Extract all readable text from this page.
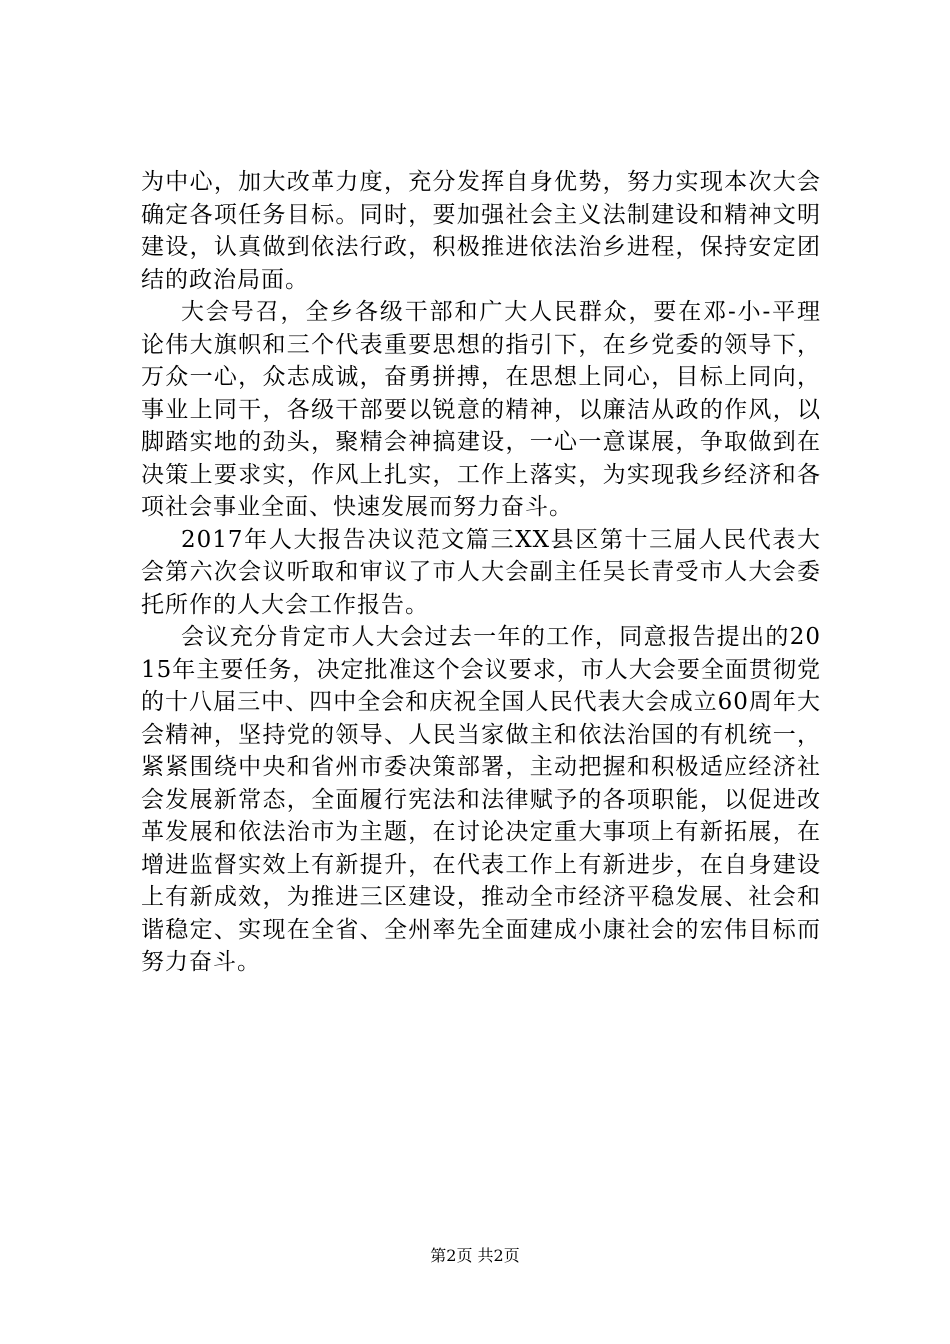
为中心，加大改革力度，充分发挥自身优势，努力实现本次大会确定各项任务目标。同时，要加强社会主义法制建设和精神文明建设，认真做到依法行政，积极推进依法治乡进程，保持安定团结的政治局面。

大会号召，全乡各级干部和广大人民群众，要在邓-小-平理论伟大旗帜和三个代表重要思想的指引下，在乡党委的领导下，万众一心，众志成诚，奋勇拼搏，在思想上同心，目标上同向，事业上同干，各级干部要以锐意的精神，以廉洁从政的作风，以脚踏实地的劲头，聚精会神搞建设，一心一意谋展，争取做到在决策上要求实，作风上扎实，工作上落实，为实现我乡经济和各项社会事业全面、快速发展而努力奋斗。

2017年人大报告决议范文篇三XX县区第十三届人民代表大会第六次会议听取和审议了市人大会副主任吴长青受市人大会委托所作的人大会工作报告。

会议充分肯定市人大会过去一年的工作，同意报告提出的2015年主要任务，决定批准这个会议要求，市人大会要全面贯彻党的十八届三中、四中全会和庆祝全国人民代表大会成立60周年大会精神，坚持党的领导、人民当家做主和依法治国的有机统一，紧紧围绕中央和省州市委决策部署，主动把握和积极适应经济社会发展新常态，全面履行宪法和法律赋予的各项职能，以促进改革发展和依法治市为主题，在讨论决定重大事项上有新拓展，在增进监督实效上有新提升，在代表工作上有新进步，在自身建设上有新成效，为推进三区建设，推动全市经济平稳发展、社会和谐稳定、实现在全省、全州率先全面建成小康社会的宏伟目标而努力奋斗。

第2页 共2页
